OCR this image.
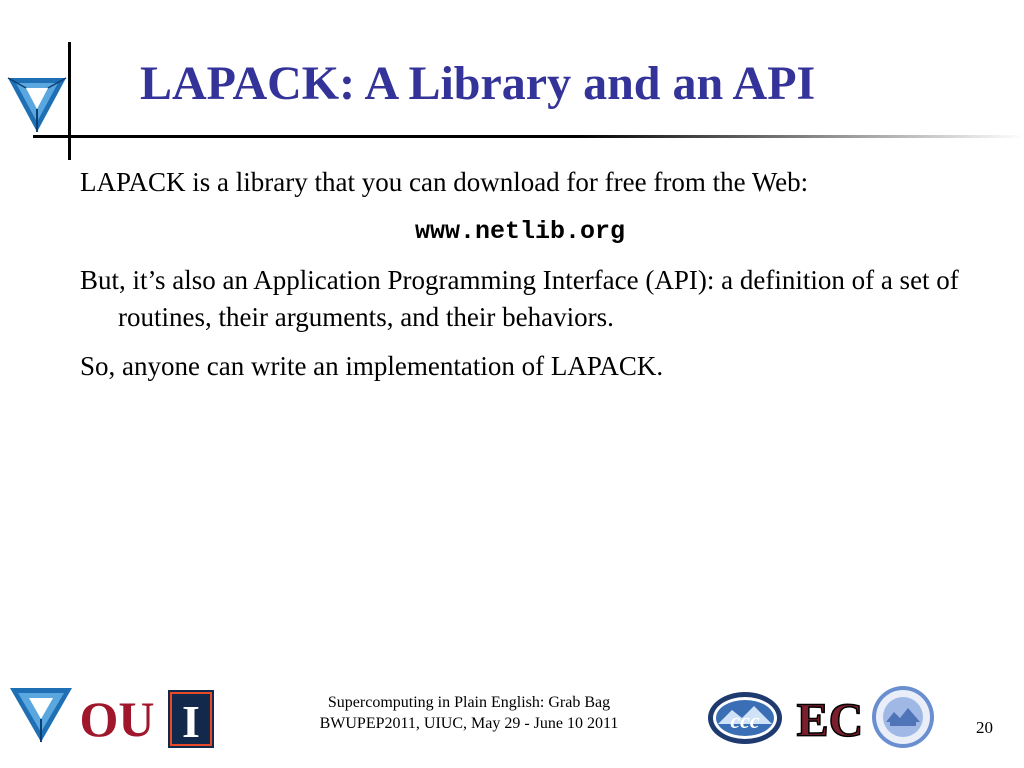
LAPACK: A Library and an API

LAPACK is a library that you can download for free from the Web:

www.netlib.org

But, it’s also an Application Programming Interface (API): a definition of a set of routines, their arguments, and their behaviors.

So, anyone can write an implementation of LAPACK.

OU I	Supercomputing in Plain English: Grab Bag
BWUPEP2011, UIUC, May 29 - June 10 2011	ccc EC	20
